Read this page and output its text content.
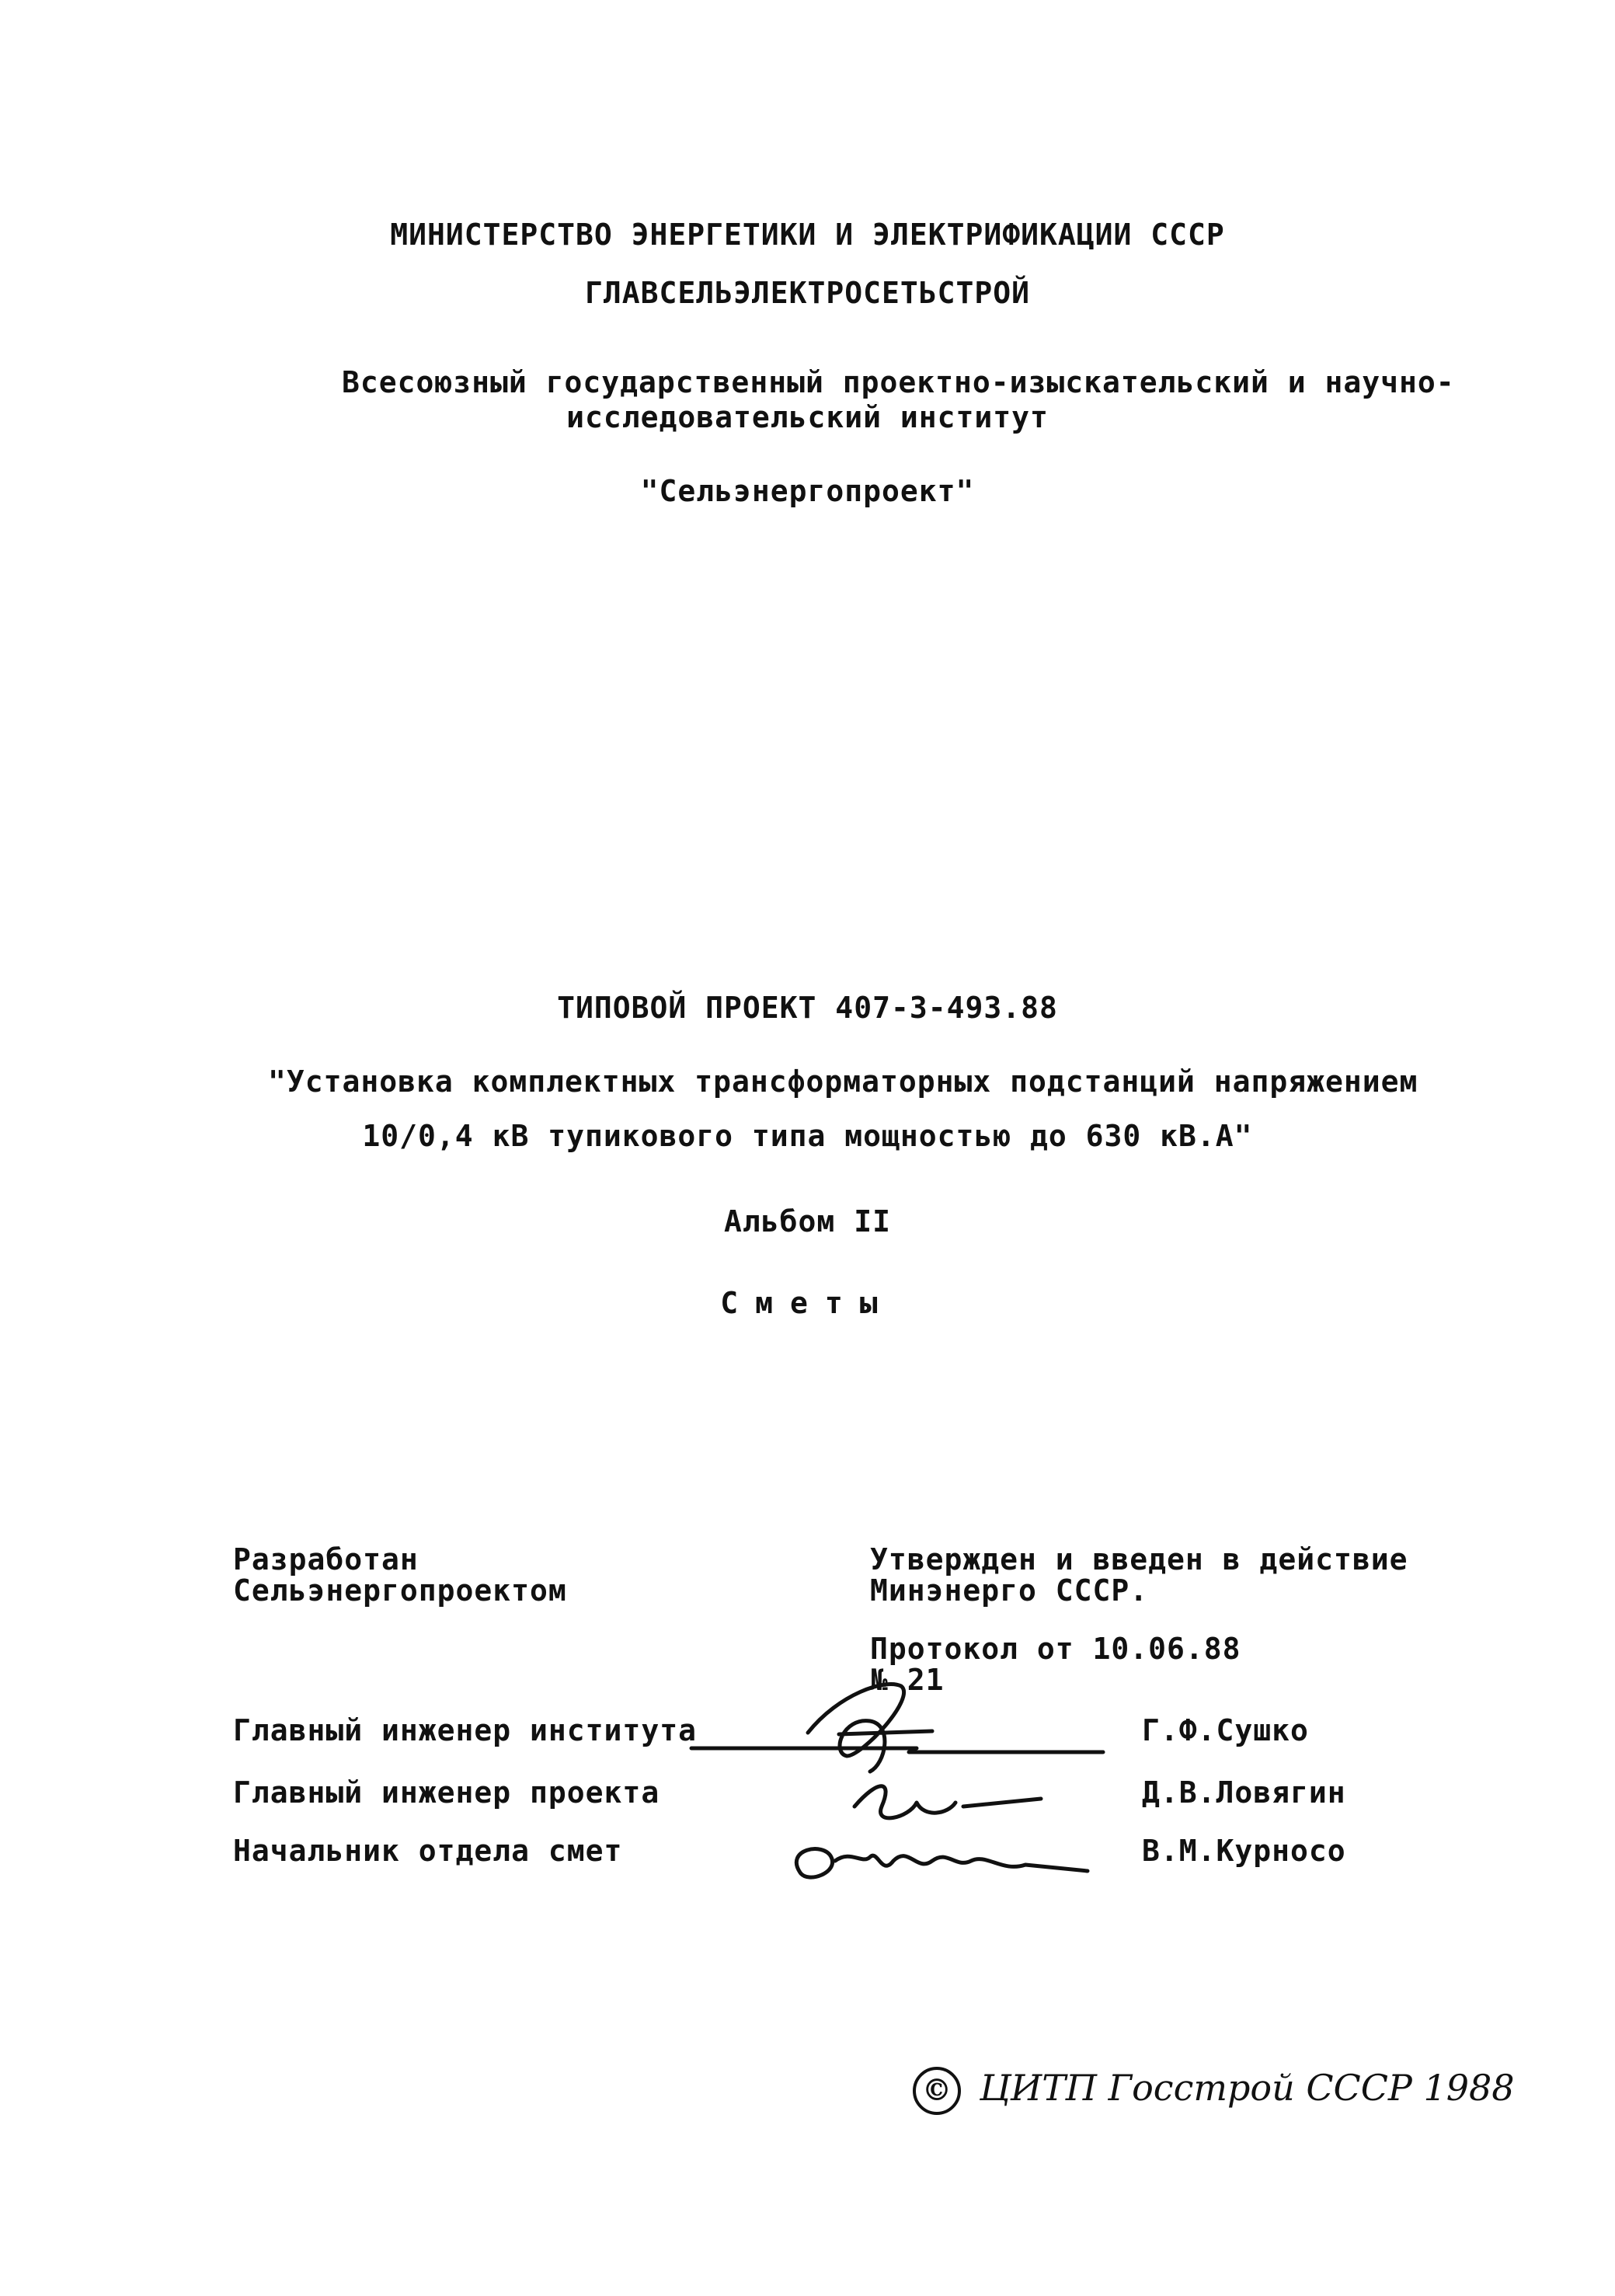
МИНИСТЕРСТВО ЭНЕРГЕТИКИ И ЭЛЕКТРИФИКАЦИИ СССР
ГЛАВСЕЛЬЭЛЕКТРОСЕТЬСТРОЙ
Всесоюзный государственный проектно-изыскательский и научно-
исследовательский институт
"Сельэнергопроект"
ТИПОВОЙ ПРОЕКТ 407-3-493.88
"Установка комплектных трансформаторных подстанций напряжением
10/0,4 кВ тупикового типа мощностью до 630 кВ.А"
Альбом II
Сметы
Разработан
Сельэнергопроектом
Утвержден и введен в действие
Минэнерго СССР.
Протокол от 10.06.88
№ 21
Главный инженер института	Г.Ф.Сушко
Главный инженер проекта	Д.В.Ловягин
Начальник отдела смет	В.М.Курносо
© ЦИТП Госстрой СССР 1988
